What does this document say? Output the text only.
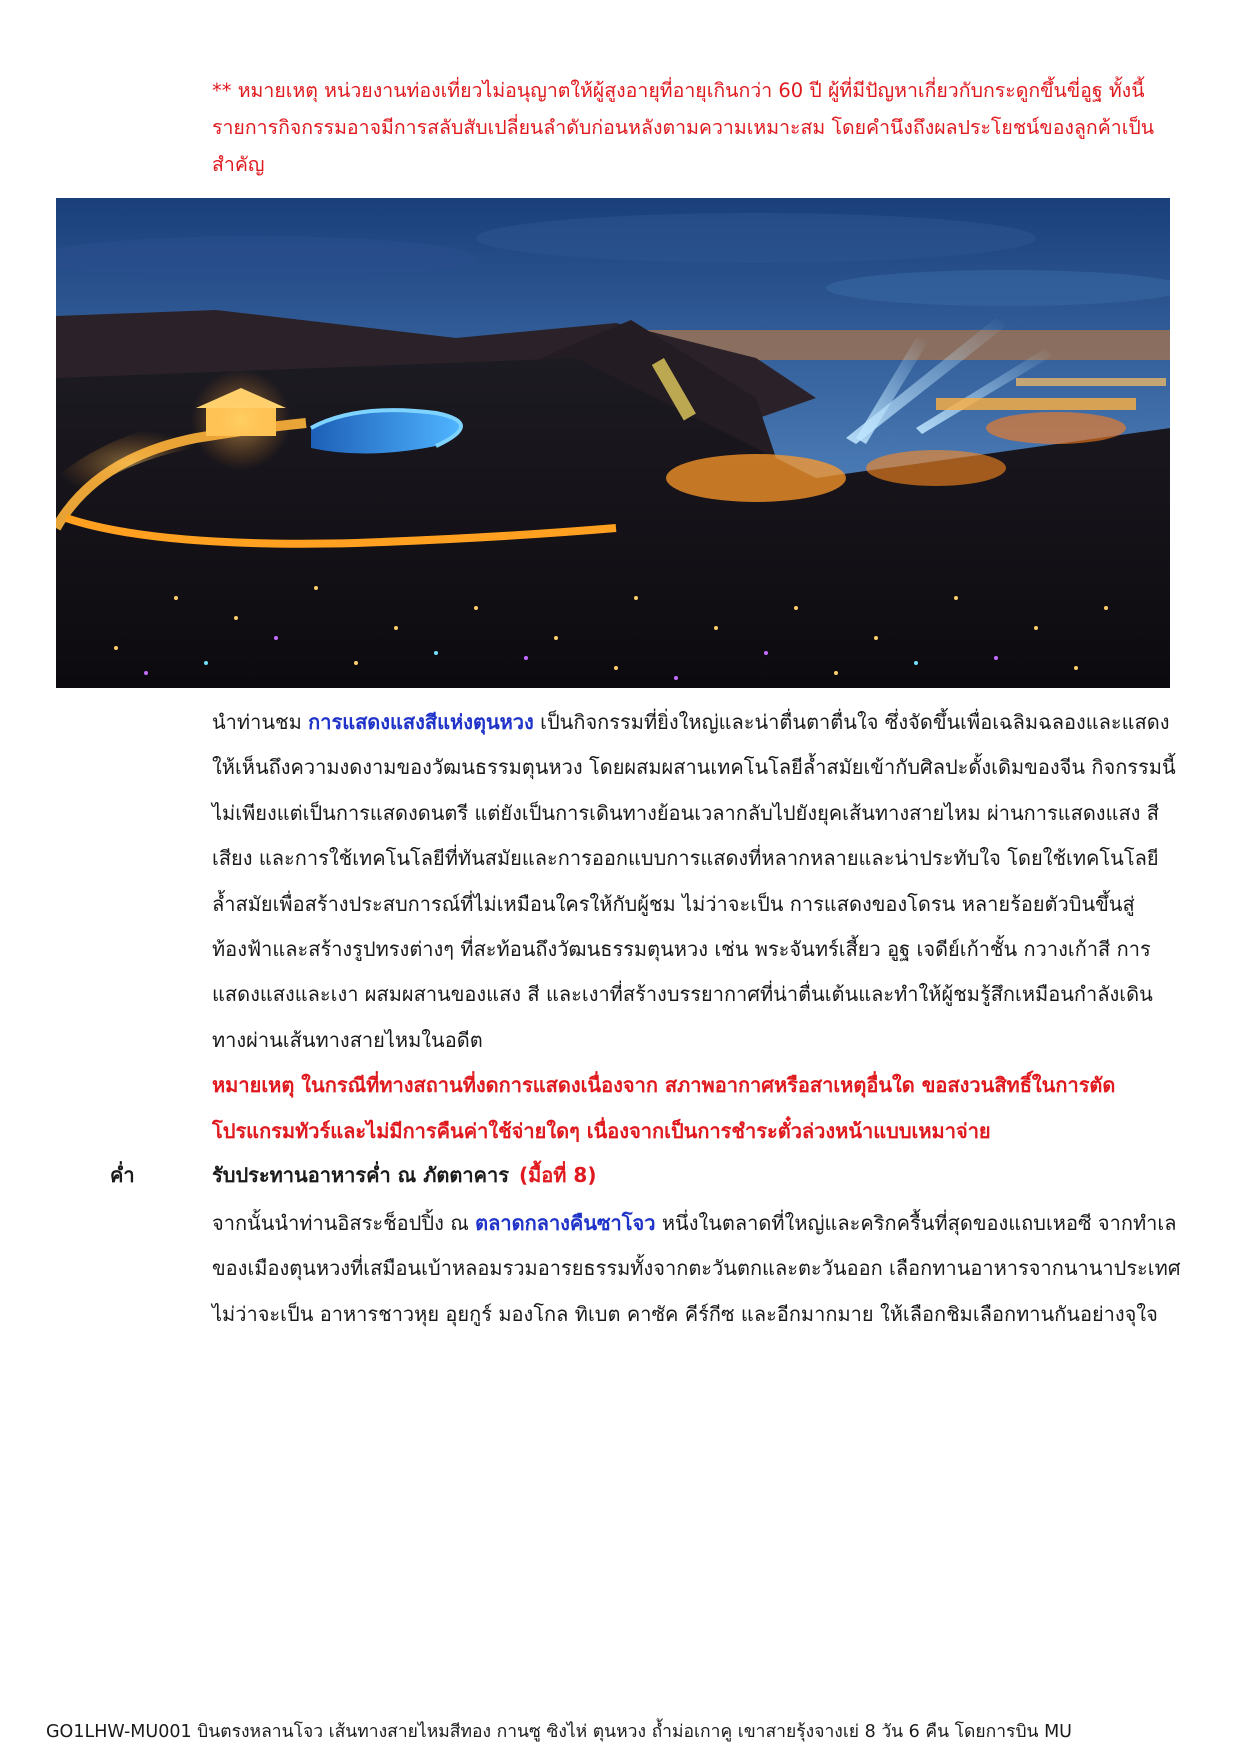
** หมายเหตุ หน่วยงานท่องเที่ยวไม่อนุญาตให้ผู้สูงอายุที่อายุเกินกว่า 60 ปี ผู้ที่มีปัญหาเกี่ยวกับกระดูกขึ้นขี่อูฐ ทั้งนี้ รายการกิจกรรมอาจมีการสลับสับเปลี่ยนลำดับก่อนหลังตามความเหมาะสม โดยคำนึงถึงผลประโยชน์ของลูกค้าเป็นสำคัญ
นำท่านชม การแสดงแสงสีแห่งตุนหวง เป็นกิจกรรมที่ยิ่งใหญ่และน่าตื่นตาตื่นใจ ซึ่งจัดขึ้นเพื่อเฉลิมฉลองและแสดงให้เห็นถึงความงดงามของวัฒนธรรมตุนหวง โดยผสมผสานเทคโนโลยีล้ำสมัยเข้ากับศิลปะดั้งเดิมของจีน กิจกรรมนี้ไม่เพียงแต่เป็นการแสดงดนตรี แต่ยังเป็นการเดินทางย้อนเวลากลับไปยังยุคเส้นทางสายไหม ผ่านการแสดงแสง สี เสียง และการใช้เทคโนโลยีที่ทันสมัยและการออกแบบการแสดงที่หลากหลายและน่าประทับใจ โดยใช้เทคโนโลยีล้ำสมัยเพื่อสร้างประสบการณ์ที่ไม่เหมือนใครให้กับผู้ชม ไม่ว่าจะเป็น การแสดงของโดรน หลายร้อยตัวบินขึ้นสู่ท้องฟ้าและสร้างรูปทรงต่างๆ ที่สะท้อนถึงวัฒนธรรมตุนหวง เช่น พระจันทร์เสี้ยว อูฐ เจดีย์เก้าชั้น กวางเก้าสี การแสดงแสงและเงา ผสมผสานของแสง สี และเงาที่สร้างบรรยากาศที่น่าตื่นเต้นและทำให้ผู้ชมรู้สึกเหมือนกำลังเดินทางผ่านเส้นทางสายไหมในอดีต
หมายเหตุ ในกรณีที่ทางสถานที่งดการแสดงเนื่องจาก สภาพอากาศหรือสาเหตุอื่นใด ขอสงวนสิทธิ์ในการตัดโปรแกรมทัวร์และไม่มีการคืนค่าใช้จ่ายใดๆ เนื่องจากเป็นการชำระตั๋วล่วงหน้าแบบเหมาจ่าย
ค่ำ	รับประทานอาหารค่ำ ณ ภัตตาคาร (มื้อที่ 8)
จากนั้นนำท่านอิสระช็อปปิ้ง ณ ตลาดกลางคืนซาโจว หนึ่งในตลาดที่ใหญ่และคริกครื้นที่สุดของแถบเหอซี จากทำเลของเมืองตุนหวงที่เสมือนเบ้าหลอมรวมอารยธรรมทั้งจากตะวันตกและตะวันออก เลือกทานอาหารจากนานาประเทศ ไม่ว่าจะเป็น อาหารชาวหุย อุยกูร์ มองโกล ทิเบต คาซัค คีร์กีซ และอีกมากมาย ให้เลือกชิมเลือกทานกันอย่างจุใจ
GO1LHW-MU001 บินตรงหลานโจว เส้นทางสายไหมสีทอง กานซู ซิงไห่ ตุนหวง ถ้ำม่อเกาคู เขาสายรุ้งจางเย่ 8 วัน 6 คืน โดยการบิน MU
